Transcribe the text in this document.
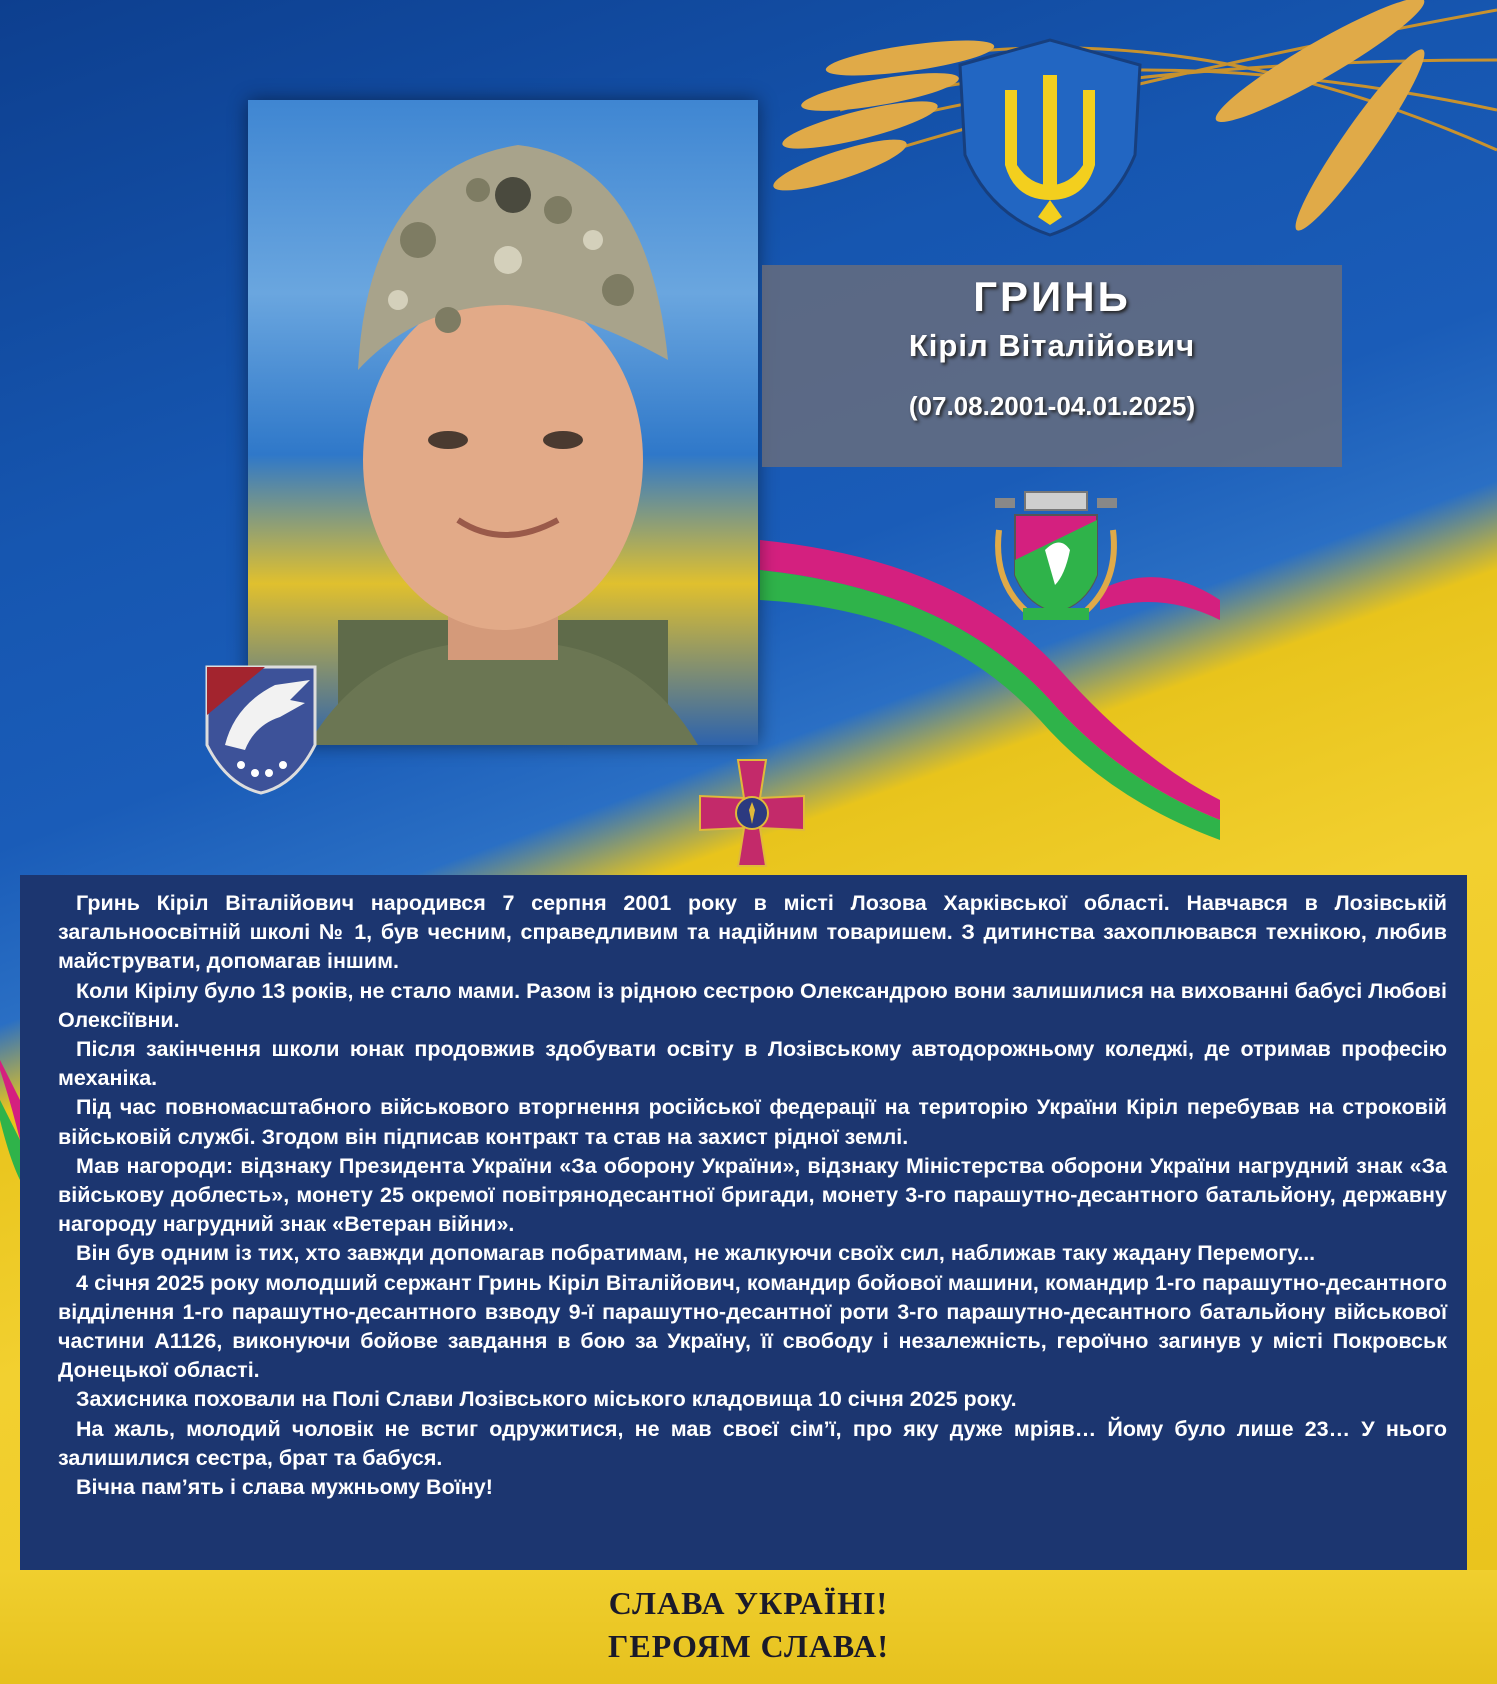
ГРИНЬ
Кіріл Віталійович
(07.08.2001-04.01.2025)

Гринь Кіріл Віталійович народився 7 серпня 2001 року в місті Лозова Харківської області. Навчався в Лозівській загальноосвітній школі № 1, був чесним, справедливим та надійним товаришем. З дитинства захоплювався технікою, любив майструвати, допомагав іншим.

Коли Кірілу було 13 років, не стало мами. Разом із рідною сестрою Олександрою вони залишилися на вихованні бабусі Любові Олексіївни.

Після закінчення школи юнак продовжив здобувати освіту в Лозівському автодорожньому коледжі, де отримав професію механіка.

Під час повномасштабного військового вторгнення російської федерації на територію України Кіріл перебував на строковій військовій службі. Згодом він підписав контракт та став на захист рідної землі.

Мав нагороди: відзнаку Президента України «За оборону України», відзнаку Міністерства оборони України нагрудний знак «За військову доблесть», монету 25 окремої повітрянодесантної бригади, монету 3-го парашутно-десантного батальйону, державну нагороду нагрудний знак «Ветеран війни».

Він був одним із тих, хто завжди допомагав побратимам, не жалкуючи своїх сил, наближав таку жадану Перемогу...

4 січня 2025 року молодший сержант Гринь Кіріл Віталійович, командир бойової машини, командир 1-го парашутно-десантного відділення 1-го парашутно-десантного взводу 9-ї парашутно-десантної роти 3-го парашутно-десантного батальйону військової частини А1126, виконуючи бойове завдання в бою за Україну, її свободу і незалежність, героїчно загинув у місті Покровськ Донецької області.

Захисника поховали на Полі Слави Лозівського міського кладовища 10 січня 2025 року.

На жаль, молодий чоловік не встиг одружитися, не мав своєї сім’ї, про яку дуже мріяв… Йому було лише 23… У нього залишилися сестра, брат та бабуся.

Вічна пам’ять і слава мужньому Воїну!

СЛАВА УКРАЇНІ!
ГЕРОЯМ СЛАВА!
